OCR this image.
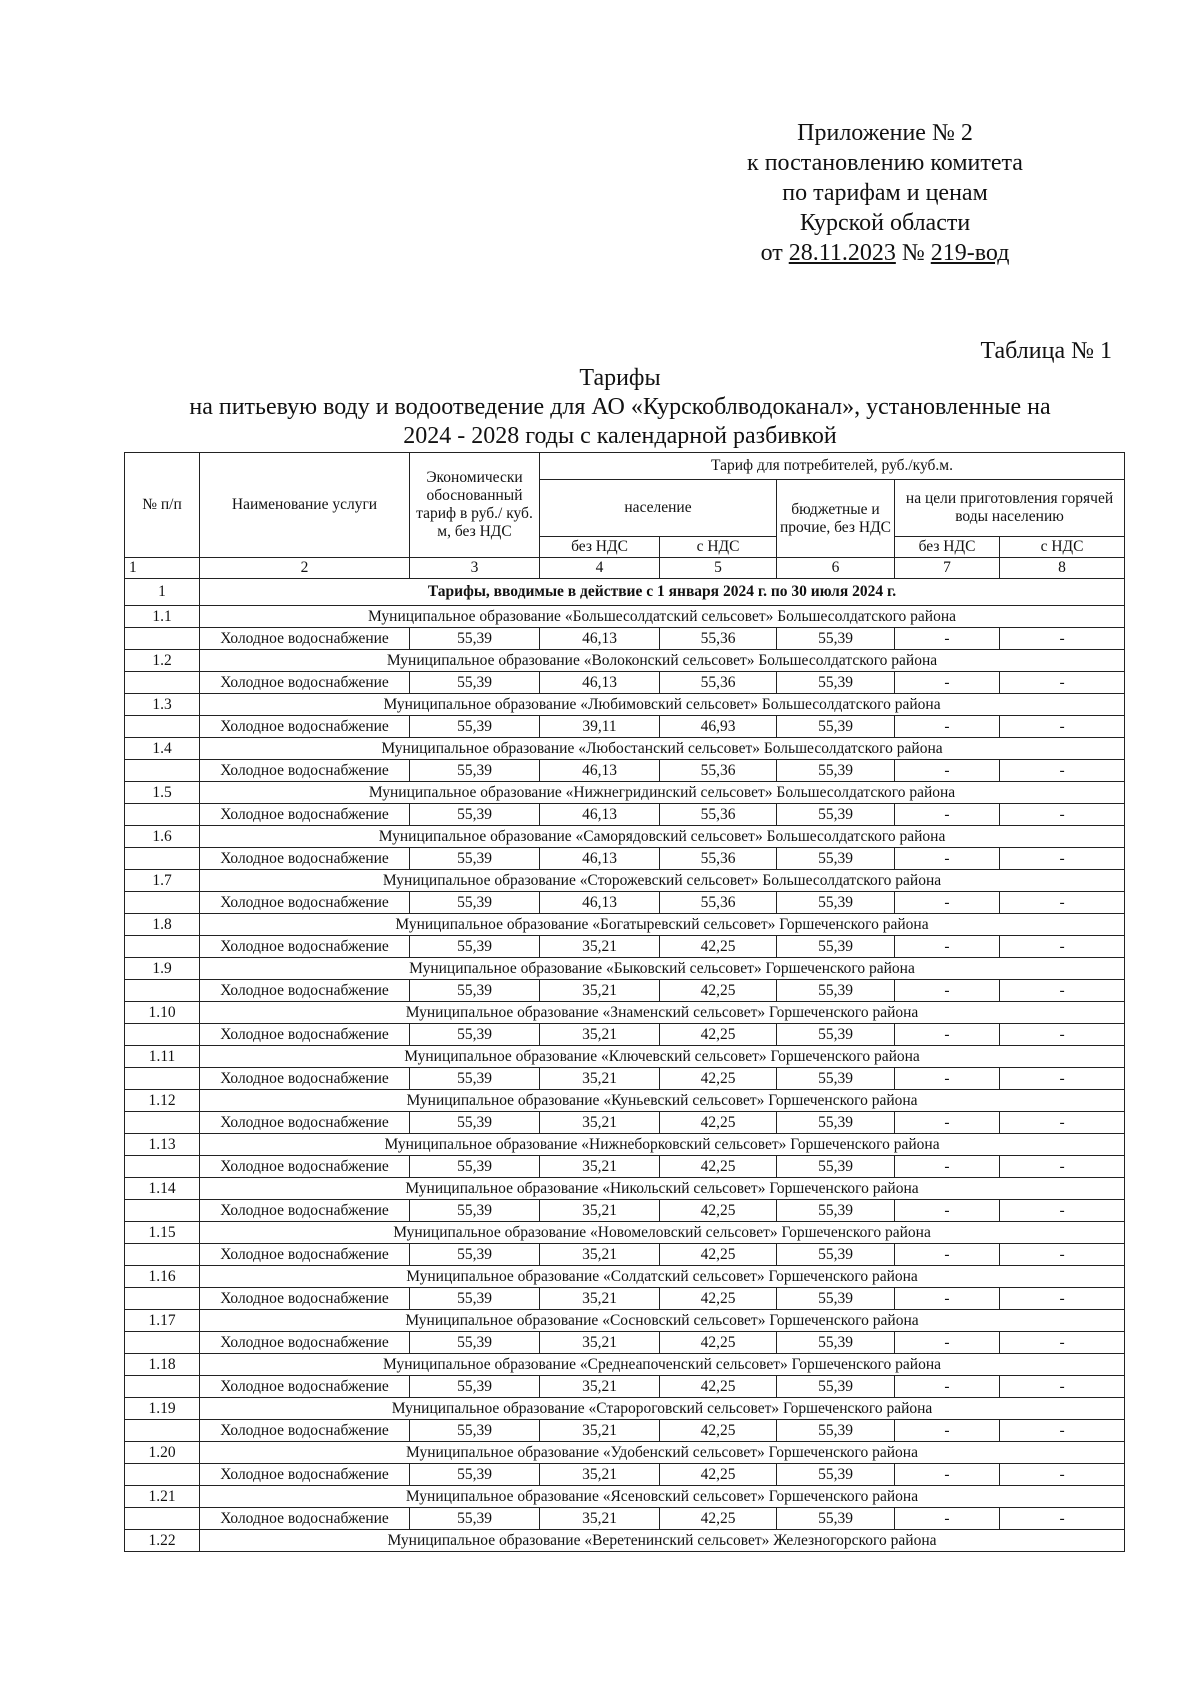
Приложение № 2
к постановлению комитета
по тарифам и ценам
Курской области
от 28.11.2023 № 219-вод
Таблица № 1
Тарифы
на питьевую воду и водоотведение для АО «Курскоблводоканал», установленные на
2024 - 2028 годы с календарной разбивкой
№ п/п	Наименование услуги	Экономически обоснованный тариф в руб./ куб. м, без НДС	Тариф для потребителей, руб./куб.м.				
			население		бюджетные и прочие, без НДС	на цели приготовления горячей воды населению	
			без НДС	с НДС		без НДС	с НДС
1	2	3	4	5	6	7	8
1	Тарифы, вводимые в действие с 1 января 2024 г. по 30 июля 2024 г.						
1.1	Муниципальное образование «Большесолдатский сельсовет» Большесолдатского района						
	Холодное водоснабжение	55,39	46,13	55,36	55,39	-	-
1.2	Муниципальное образование «Волоконский сельсовет» Большесолдатского района						
	Холодное водоснабжение	55,39	46,13	55,36	55,39	-	-
1.3	Муниципальное образование «Любимовский сельсовет» Большесолдатского района						
	Холодное водоснабжение	55,39	39,11	46,93	55,39	-	-
1.4	Муниципальное образование «Любостанский сельсовет» Большесолдатского района						
	Холодное водоснабжение	55,39	46,13	55,36	55,39	-	-
1.5	Муниципальное образование «Нижнегридинский сельсовет» Большесолдатского района						
	Холодное водоснабжение	55,39	46,13	55,36	55,39	-	-
1.6	Муниципальное образование «Саморядовский сельсовет» Большесолдатского района						
	Холодное водоснабжение	55,39	46,13	55,36	55,39	-	-
1.7	Муниципальное образование «Сторожевский сельсовет» Большесолдатского района						
	Холодное водоснабжение	55,39	46,13	55,36	55,39	-	-
1.8	Муниципальное образование «Богатыревский сельсовет» Горшеченского района						
	Холодное водоснабжение	55,39	35,21	42,25	55,39	-	-
1.9	Муниципальное образование «Быковский сельсовет» Горшеченского района						
	Холодное водоснабжение	55,39	35,21	42,25	55,39	-	-
1.10	Муниципальное образование «Знаменский сельсовет» Горшеченского района						
	Холодное водоснабжение	55,39	35,21	42,25	55,39	-	-
1.11	Муниципальное образование «Ключевский сельсовет» Горшеченского района						
	Холодное водоснабжение	55,39	35,21	42,25	55,39	-	-
1.12	Муниципальное образование «Куньевский сельсовет» Горшеченского района						
	Холодное водоснабжение	55,39	35,21	42,25	55,39	-	-
1.13	Муниципальное образование «Нижнеборковский сельсовет» Горшеченского района						
	Холодное водоснабжение	55,39	35,21	42,25	55,39	-	-
1.14	Муниципальное образование «Никольский сельсовет» Горшеченского района						
	Холодное водоснабжение	55,39	35,21	42,25	55,39	-	-
1.15	Муниципальное образование «Новомеловский сельсовет» Горшеченского района						
	Холодное водоснабжение	55,39	35,21	42,25	55,39	-	-
1.16	Муниципальное образование «Солдатский сельсовет» Горшеченского района						
	Холодное водоснабжение	55,39	35,21	42,25	55,39	-	-
1.17	Муниципальное образование «Сосновский сельсовет» Горшеченского района						
	Холодное водоснабжение	55,39	35,21	42,25	55,39	-	-
1.18	Муниципальное образование «Среднеапоченский сельсовет» Горшеченского района						
	Холодное водоснабжение	55,39	35,21	42,25	55,39	-	-
1.19	Муниципальное образование «Старороговский сельсовет» Горшеченского района						
	Холодное водоснабжение	55,39	35,21	42,25	55,39	-	-
1.20	Муниципальное образование «Удобенский сельсовет» Горшеченского района						
	Холодное водоснабжение	55,39	35,21	42,25	55,39	-	-
1.21	Муниципальное образование «Ясеновский сельсовет» Горшеченского района						
	Холодное водоснабжение	55,39	35,21	42,25	55,39	-	-
1.22	Муниципальное образование «Веретенинский сельсовет» Железногорского района						
